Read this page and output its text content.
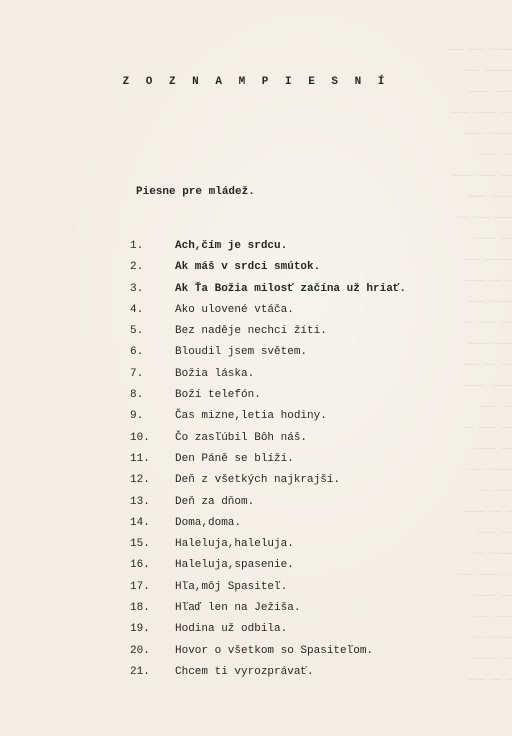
─── ─── ────
─── ─────
──── ───
─── ──── ──
──── ────
─── ──
──── ─── ──
─── ────
── ─── ───
──── ──
─── ─────
──── ── ─
─── ────
── ─── ──
──── ───
─── ── ──
──── ────
─── ──
── ─── ──
──── ──
─── ────
── ───
──── ── ─
─── ──
── ────
─── ──── ─
──── ──
─── ───
── ────
──── ──
─── ── ─
Z O Z N A M P I E S N Í
Piesne pre mládež.
1.	Ach,čím je srdcu.
2.	Ak máš v srdci smútok.
3.	Ak Ťa Božia milosť začína už hriať.
4.	Ako ulovené vtáča.
5.	Bez naděje nechci žíti.
6.	Bloudil jsem světem.
7.	Božia láska.
8.	Boží telefón.
9.	Čas mizne,letia hodiny.
10.	Čo zasľúbil Bôh náš.
11.	Den Páně se blíží.
12.	Deň z všetkých najkrajší.
13.	Deň za dňom.
14.	Doma,doma.
15.	Haleluja,haleluja.
16.	Haleluja,spasenie.
17.	Hľa,môj Spasiteľ.
18.	Hľaď len na Ježiša.
19.	Hodina už odbila.
20.	Hovor o všetkom so Spasiteľom.
21.	Chcem ti vyrozprávať.
